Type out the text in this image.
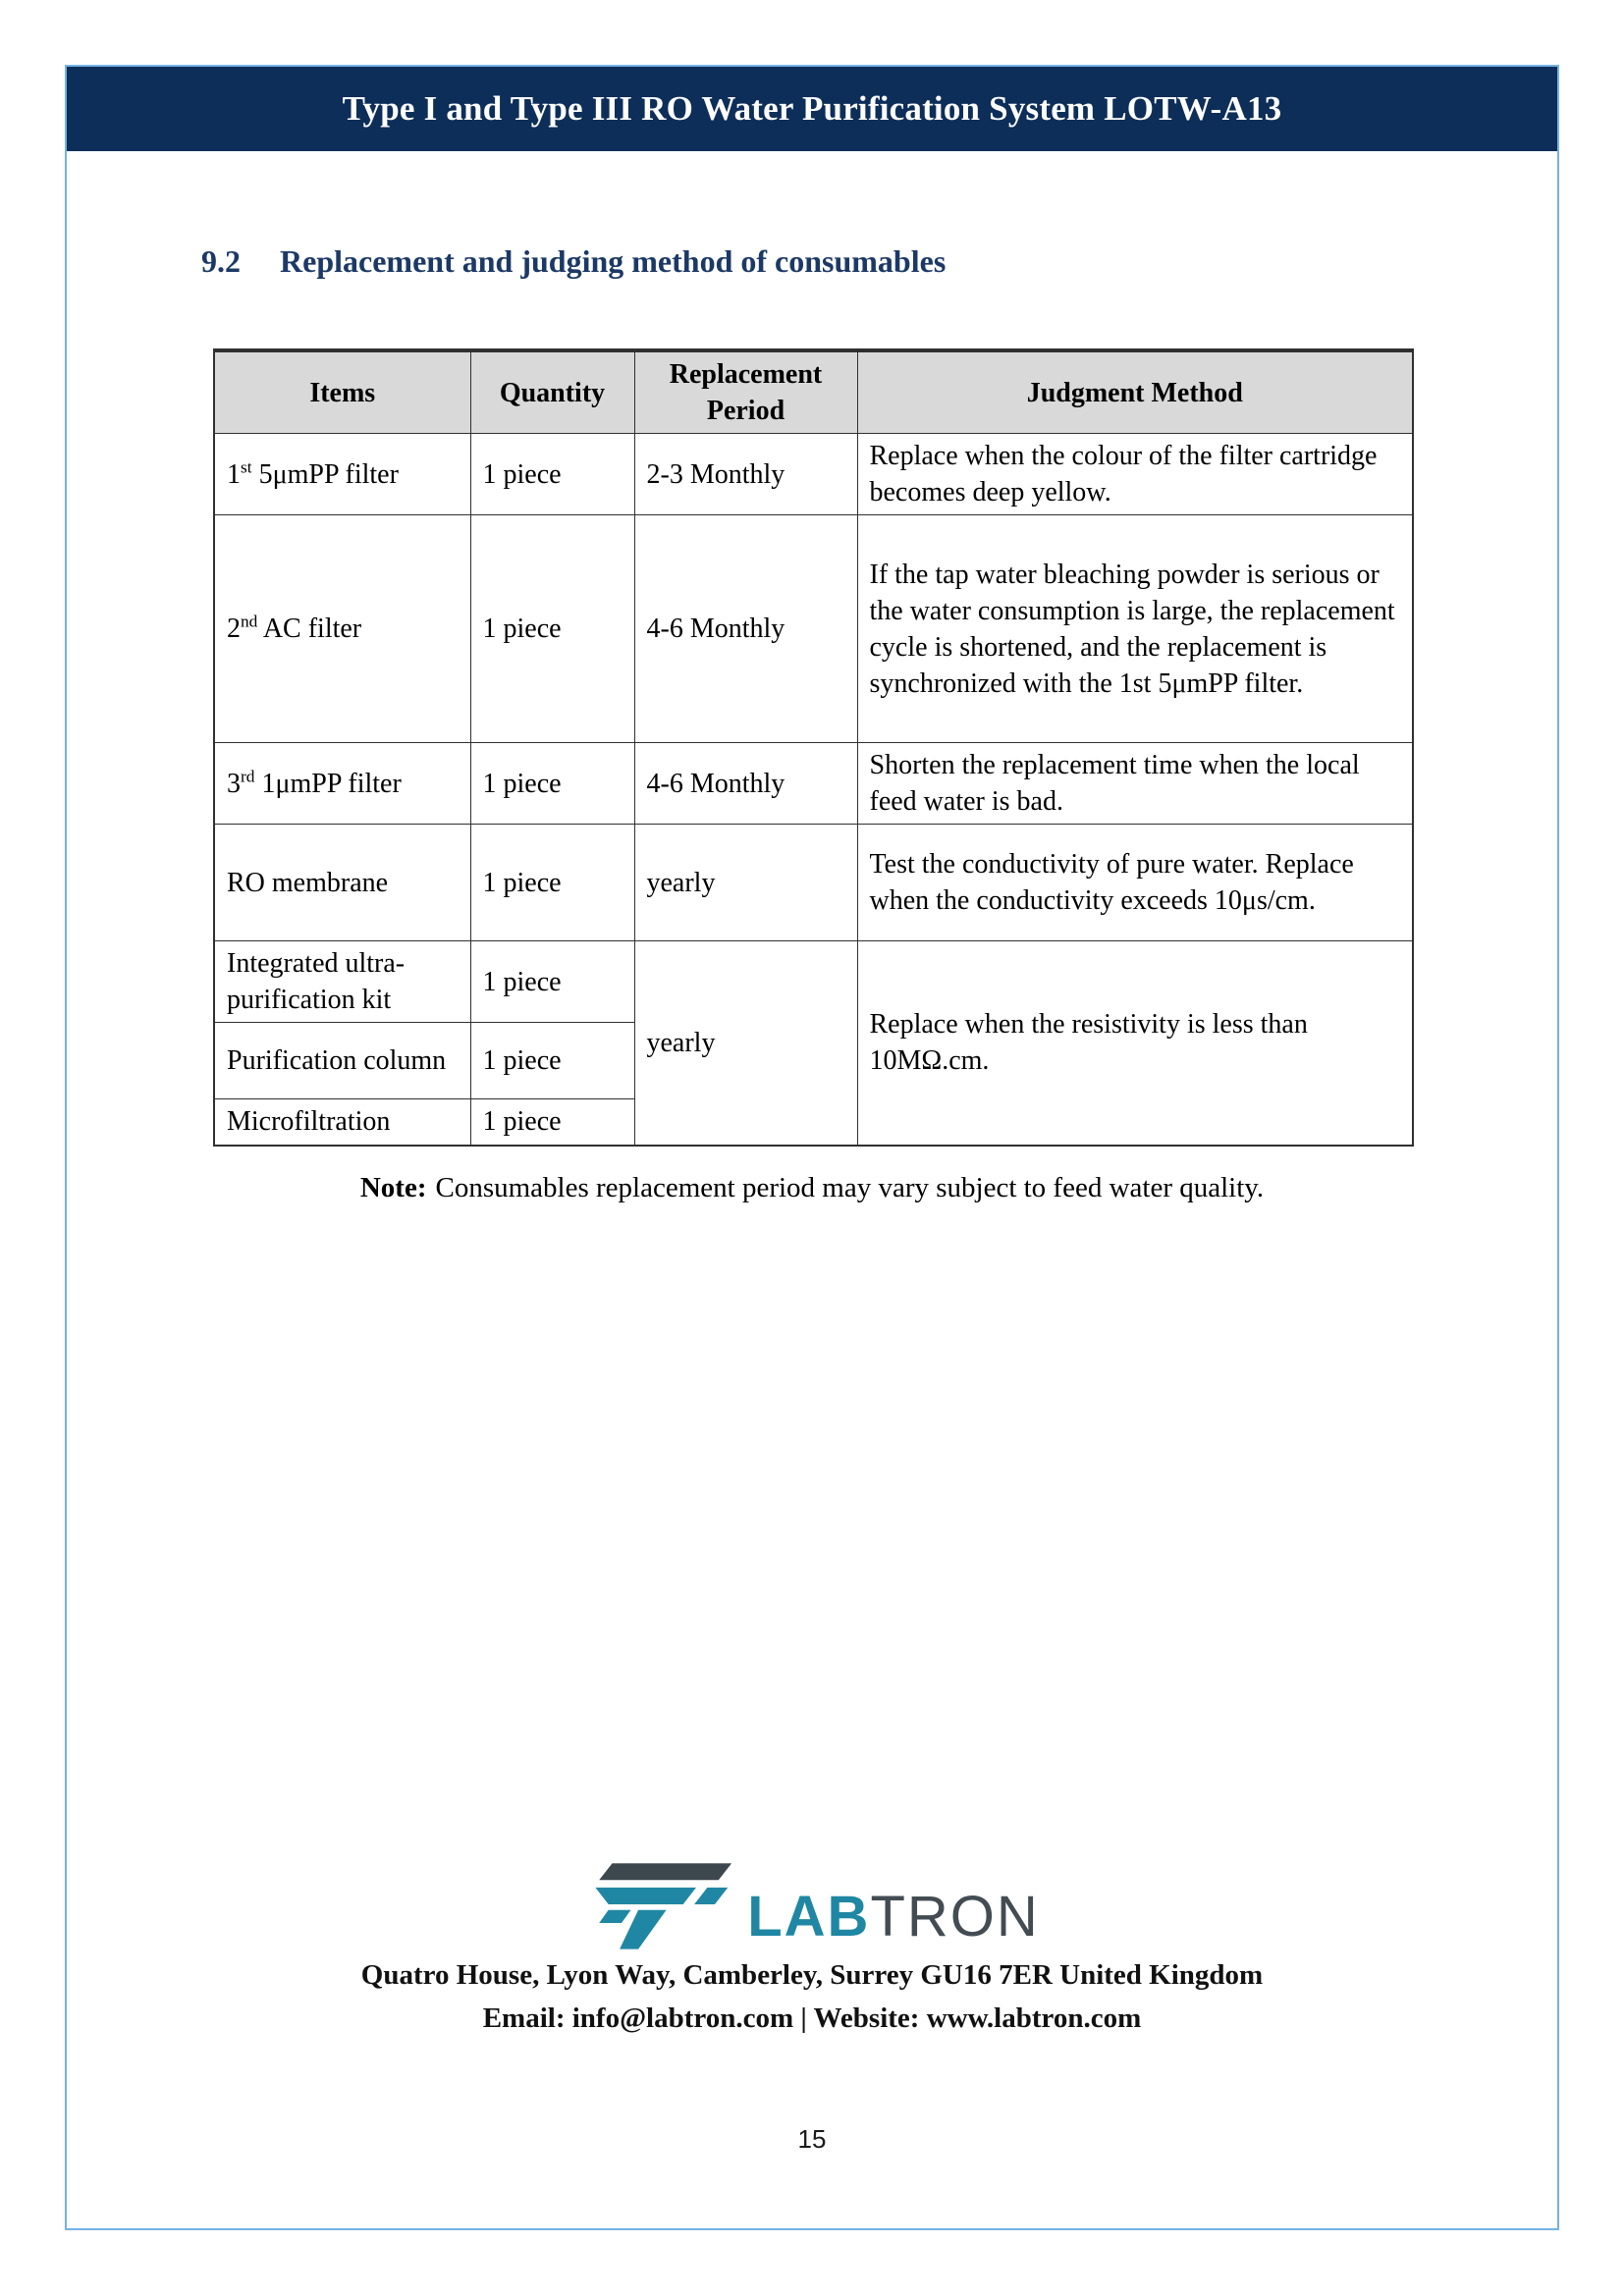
Type I and Type III RO Water Purification System LOTW-A13
9.2 Replacement and judging method of consumables
Items	Quantity	Replacement Period	Judgment Method
1st 5μmPP filter	1 piece	2-3 Monthly	Replace when the colour of the filter cartridge becomes deep yellow.
2nd AC filter	1 piece	4-6 Monthly	If the tap water bleaching powder is serious or the water consumption is large, the replacement cycle is shortened, and the replacement is synchronized with the 1st 5μmPP filter.
3rd 1μmPP filter	1 piece	4-6 Monthly	Shorten the replacement time when the local feed water is bad.
RO membrane	1 piece	yearly	Test the conductivity of pure water. Replace when the conductivity exceeds 10μs/cm.
Integrated ultra-purification kit	1 piece	yearly	Replace when the resistivity is less than 10MΩ.cm.
Purification column	1 piece		
Microfiltration	1 piece		
Note: Consumables replacement period may vary subject to feed water quality.
LABTRON
Quatro House, Lyon Way, Camberley, Surrey GU16 7ER United Kingdom
Email: info@labtron.com | Website: www.labtron.com
15
